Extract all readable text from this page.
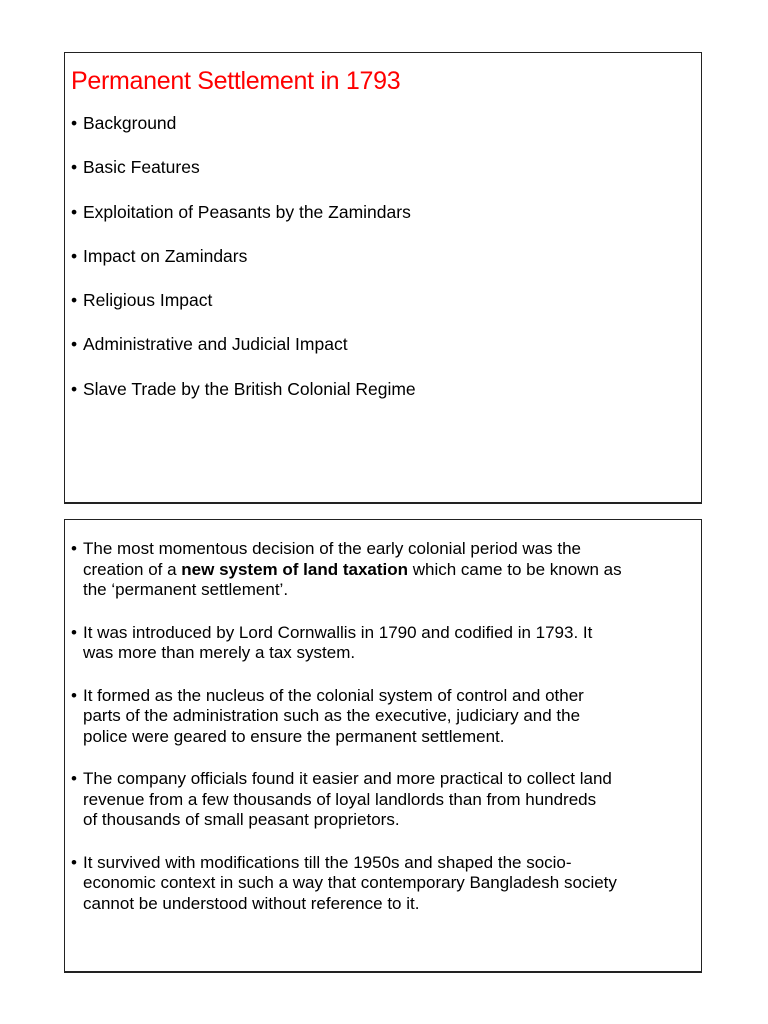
Permanent Settlement in 1793
• Background
• Basic Features
• Exploitation of Peasants by the Zamindars
• Impact on Zamindars
• Religious Impact
• Administrative and Judicial Impact
• Slave Trade by the British Colonial Regime
• The most momentous decision of the early colonial period was the
creation of a new system of land taxation which came to be known as
the ‘permanent settlement’.
• It was introduced by Lord Cornwallis in 1790 and codified in 1793. It
was more than merely a tax system.
• It formed as the nucleus of the colonial system of control and other
parts of the administration such as the executive, judiciary and the
police were geared to ensure the permanent settlement.
• The company officials found it easier and more practical to collect land
revenue from a few thousands of loyal landlords than from hundreds
of thousands of small peasant proprietors.
• It survived with modifications till the 1950s and shaped the socio-
economic context in such a way that contemporary Bangladesh society
cannot be understood without reference to it.
